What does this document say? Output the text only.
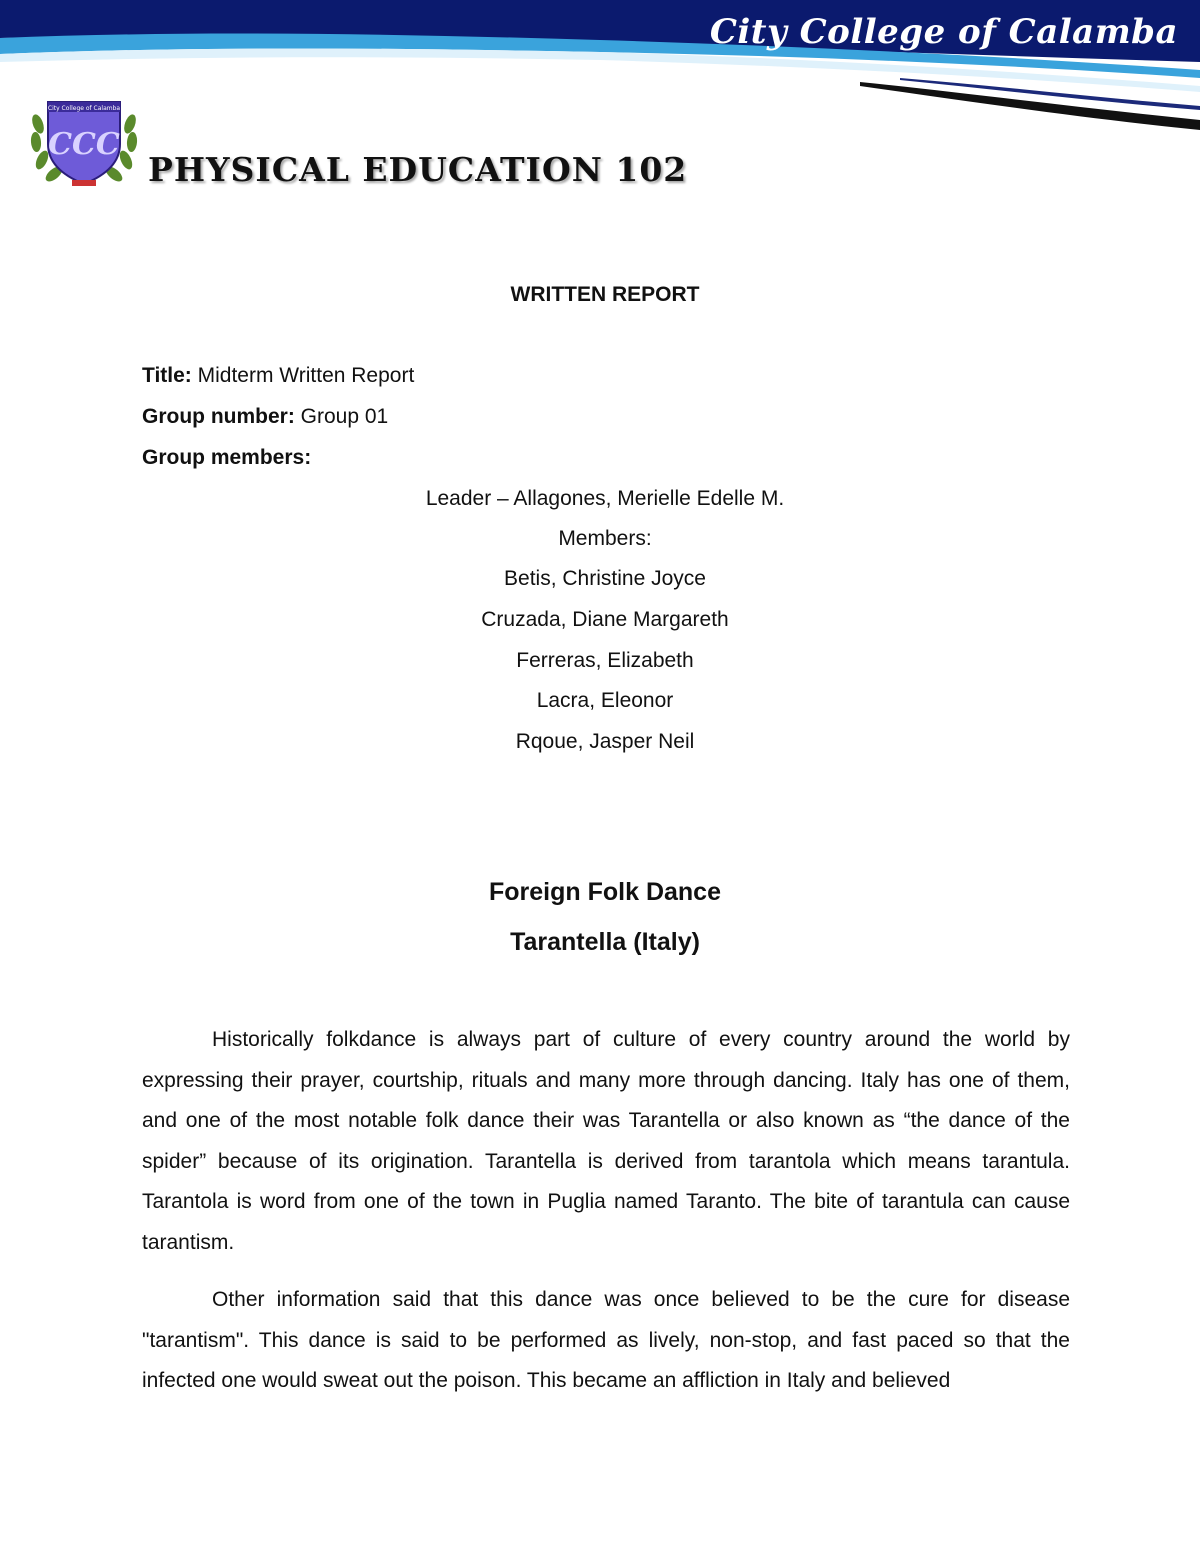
City College of Calamba
City College of Calamba
CCC
PHYSICAL EDUCATION 102
WRITTEN REPORT
Title: Midterm Written Report
Group number: Group 01
Group members:
Leader – Allagones, Merielle Edelle M.
Members:
Betis, Christine Joyce
Cruzada, Diane Margareth
Ferreras, Elizabeth
Lacra, Eleonor
Rqoue, Jasper Neil
Foreign Folk Dance
Tarantella (Italy)

Historically folkdance is always part of culture of every country around the world by expressing their prayer, courtship, rituals and many more through dancing. Italy has one of them, and one of the most notable folk dance their was Tarantella or also known as “the dance of the spider” because of its origination. Tarantella is derived from tarantola which means tarantula. Tarantola is word from one of the town in Puglia named Taranto. The bite of tarantula can cause tarantism.

Other information said that this dance was once believed to be the cure for disease "tarantism". This dance is said to be performed as lively, non-stop, and fast paced so that the infected one would sweat out the poison. This became an affliction in Italy and believed
